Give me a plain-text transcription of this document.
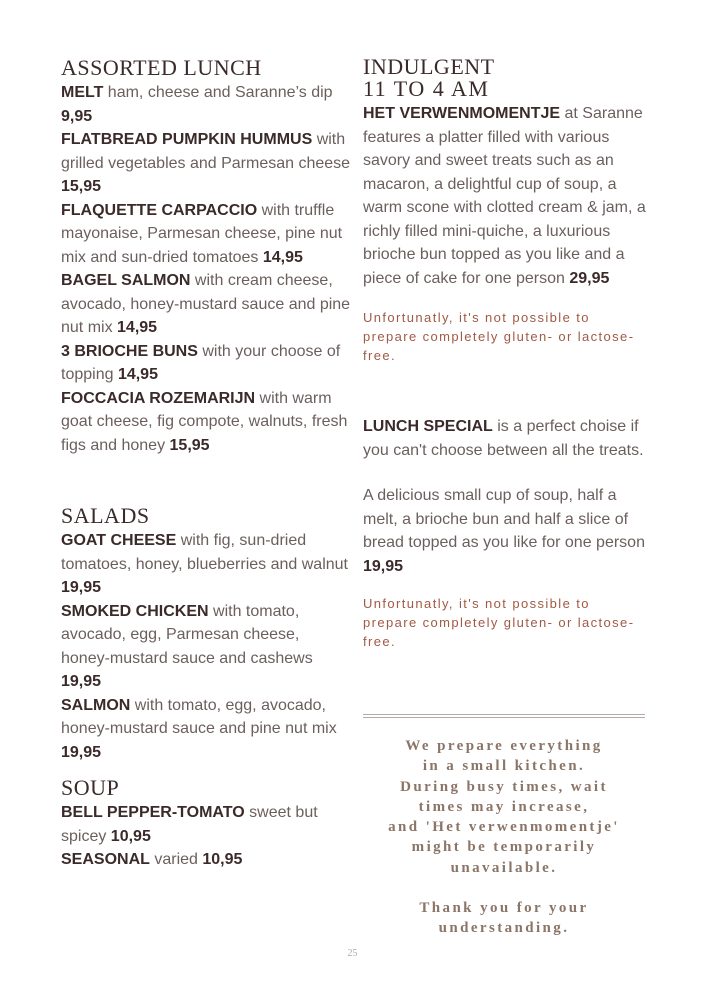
ASSORTED LUNCH
MELT ham, cheese and Saranne’s dip 9,95
FLATBREAD PUMPKIN HUMMUS with grilled vegetables and Parmesan cheese 15,95
FLAQUETTE CARPACCIO with truffle mayonaise, Parmesan cheese, pine nut mix and sun-dried tomatoes 14,95
BAGEL SALMON with cream cheese, avocado, honey-mustard sauce and pine nut mix 14,95
3 BRIOCHE BUNS with your choose of topping 14,95
FOCCACIA ROZEMARIJN with warm goat cheese, fig compote, walnuts, fresh figs and honey 15,95
SALADS
GOAT CHEESE with fig, sun-dried tomatoes, honey, blueberries and walnut 19,95
SMOKED CHICKEN with tomato, avocado, egg, Parmesan cheese, honey-mustard sauce and cashews 19,95
SALMON with tomato, egg, avocado, honey-mustard sauce and pine nut mix 19,95
SOUP
BELL PEPPER-TOMATO sweet but spicey 10,95
SEASONAL varied 10,95
INDULGENT
11 TO 4 AM
HET VERWENMOMENTJE at Saranne features a platter filled with various savory and sweet treats such as an macaron, a delightful cup of soup, a warm scone with clotted cream & jam, a richly filled mini-quiche, a luxurious brioche bun topped as you like and a piece of cake for one person 29,95
Unfortunatly, it's not possible to prepare completely gluten- or lactose-free.
LUNCH SPECIAL is a perfect choise if you can't choose between all the treats.
A delicious small cup of soup, half a melt, a brioche bun and half a slice of bread topped as you like for one person 19,95
Unfortunatly, it's not possible to prepare completely gluten- or lactose-free.
We prepare everything
in a small kitchen.
During busy times, wait
times may increase,
and 'Het verwenmomentje'
might be temporarily
unavailable.
Thank you for your
understanding.
25
